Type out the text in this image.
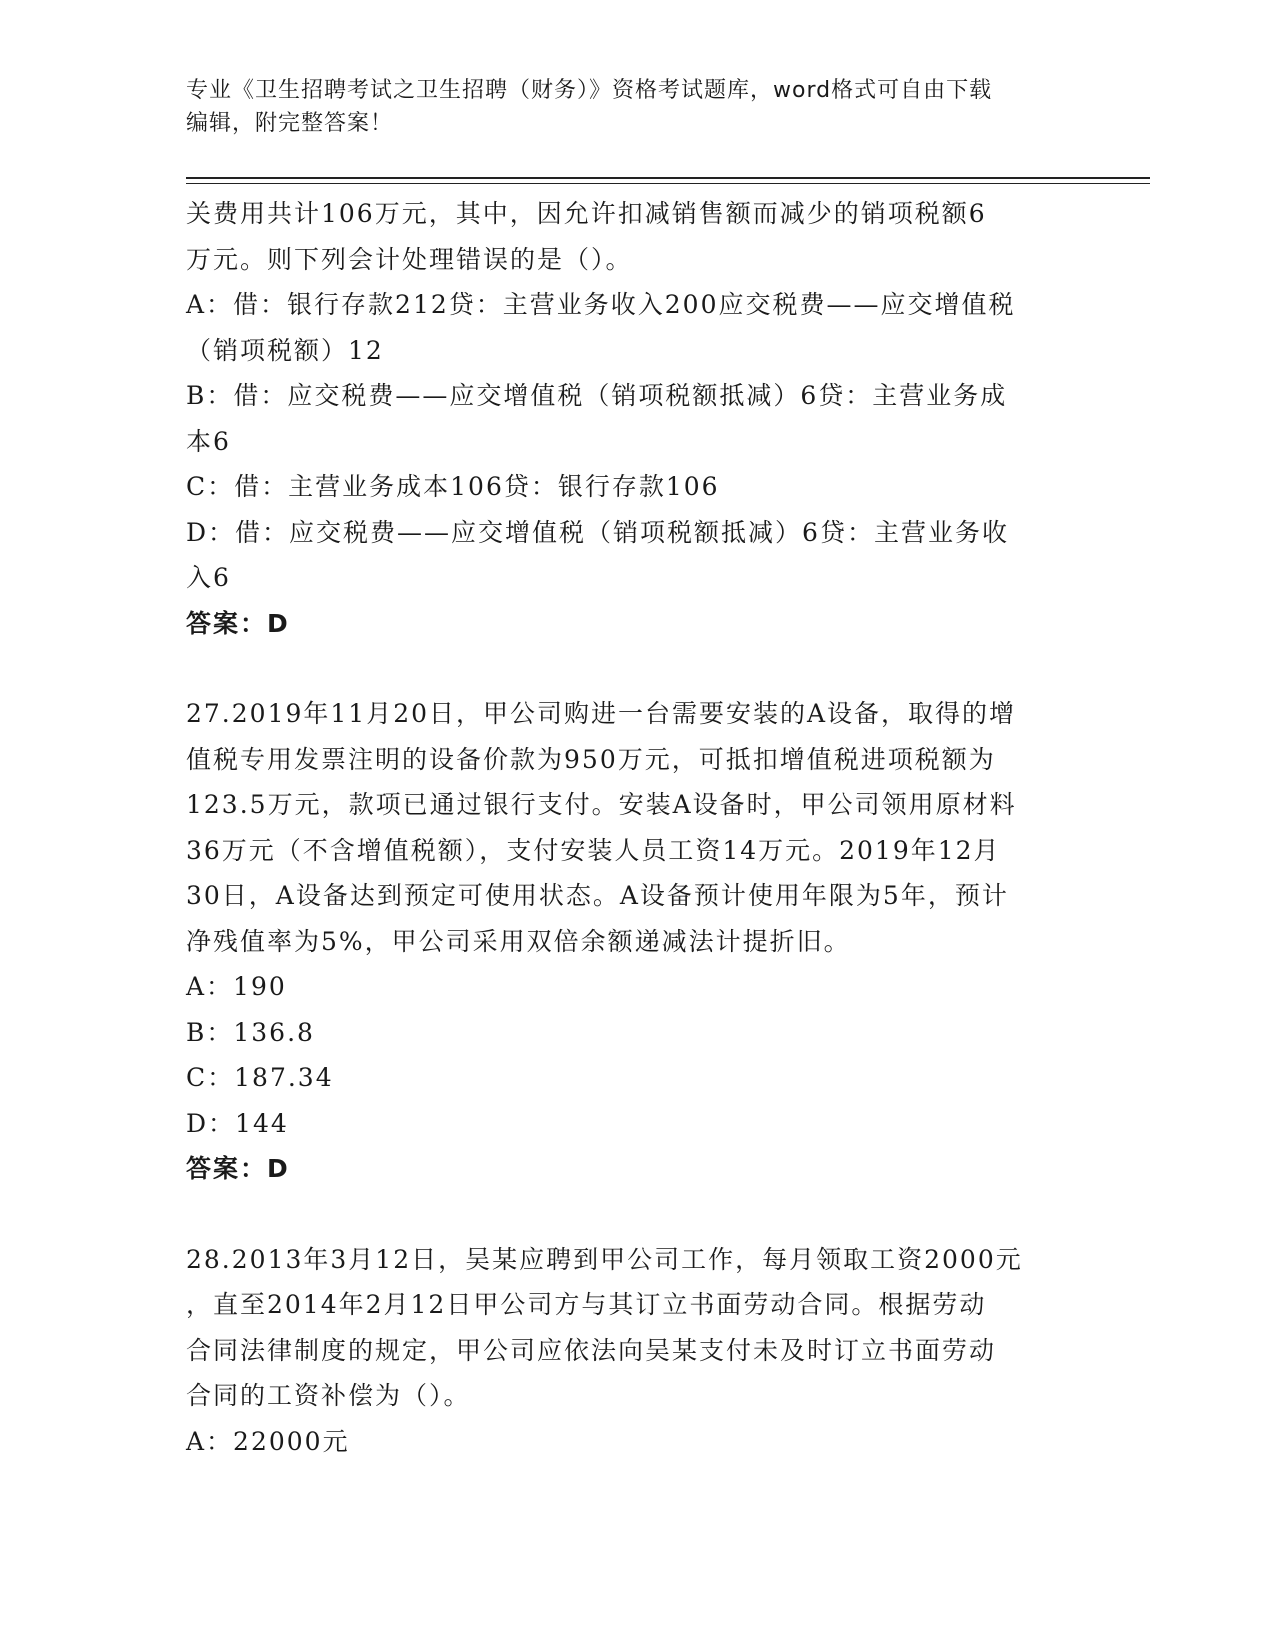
专业《卫生招聘考试之卫生招聘（财务）》资格考试题库，word格式可自由下载
编辑，附完整答案！
关费用共计106万元，其中，因允许扣减销售额而减少的销项税额6
万元。则下列会计处理错误的是（）。
A：借：银行存款212贷：主营业务收入200应交税费——应交增值税
（销项税额）12
B：借：应交税费——应交增值税（销项税额抵减）6贷：主营业务成
本6
C：借：主营业务成本106贷：银行存款106
D：借：应交税费——应交增值税（销项税额抵减）6贷：主营业务收
入6
答案：D
27.2019年11月20日，甲公司购进一台需要安装的A设备，取得的增
值税专用发票注明的设备价款为950万元，可抵扣增值税进项税额为
123.5万元，款项已通过银行支付。安装A设备时，甲公司领用原材料
36万元（不含增值税额），支付安装人员工资14万元。2019年12月
30日，A设备达到预定可使用状态。A设备预计使用年限为5年，预计
净残值率为5%，甲公司采用双倍余额递减法计提折旧。
A：190
B：136.8
C：187.34
D：144
答案：D
28.2013年3月12日，吴某应聘到甲公司工作，每月领取工资2000元
，直至2014年2月12日甲公司方与其订立书面劳动合同。根据劳动
合同法律制度的规定，甲公司应依法向吴某支付未及时订立书面劳动
合同的工资补偿为（）。
A：22000元
